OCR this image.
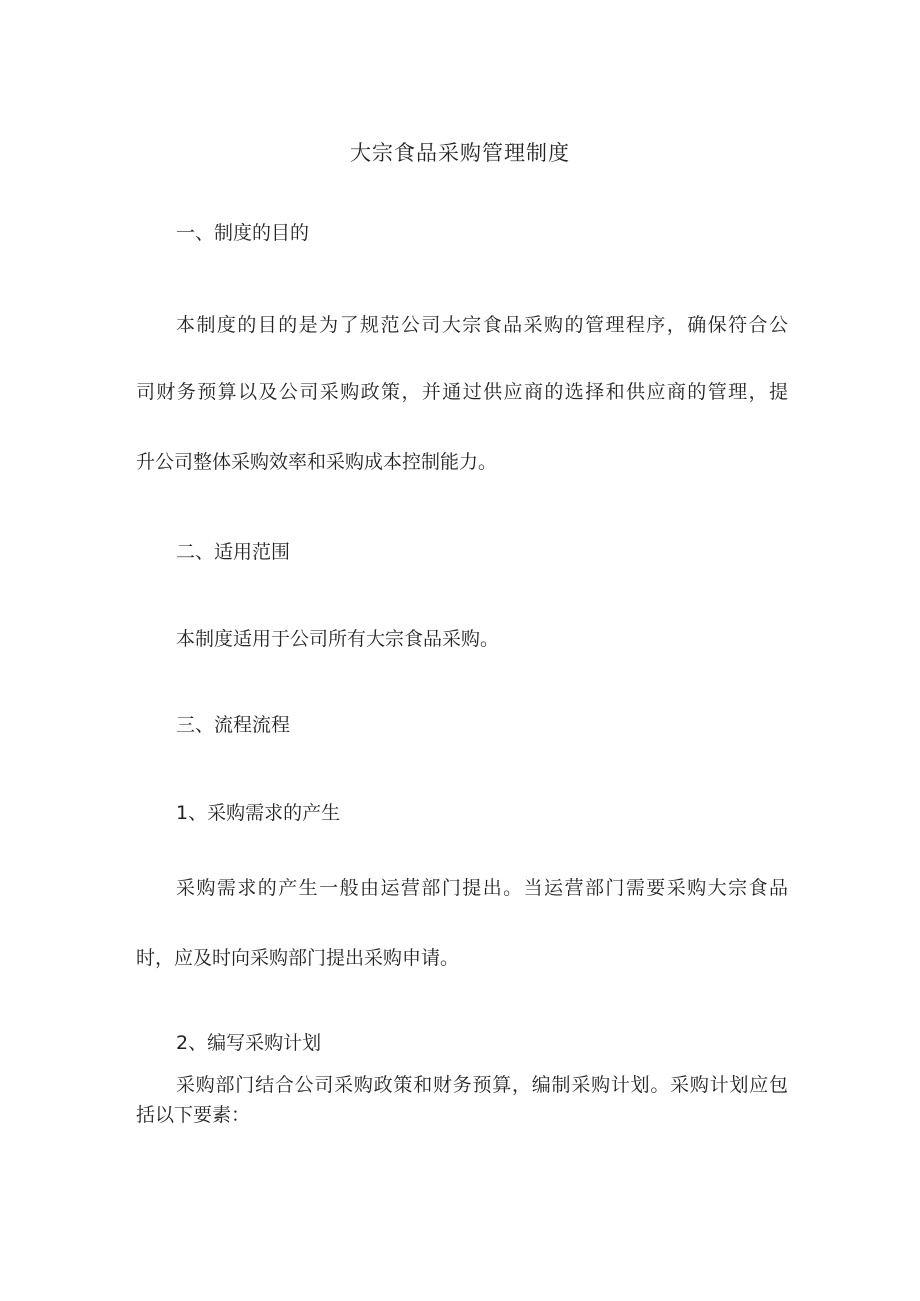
大宗食品采购管理制度
一、制度的目的
本制度的目的是为了规范公司大宗食品采购的管理程序，确保符合公
司财务预算以及公司采购政策，并通过供应商的选择和供应商的管理，提
升公司整体采购效率和采购成本控制能力。
二、适用范围
本制度适用于公司所有大宗食品采购。
三、流程流程
1、采购需求的产生
采购需求的产生一般由运营部门提出。当运营部门需要采购大宗食品
时，应及时向采购部门提出采购申请。
2、编写采购计划
采购部门结合公司采购政策和财务预算，编制采购计划。采购计划应包
括以下要素：
